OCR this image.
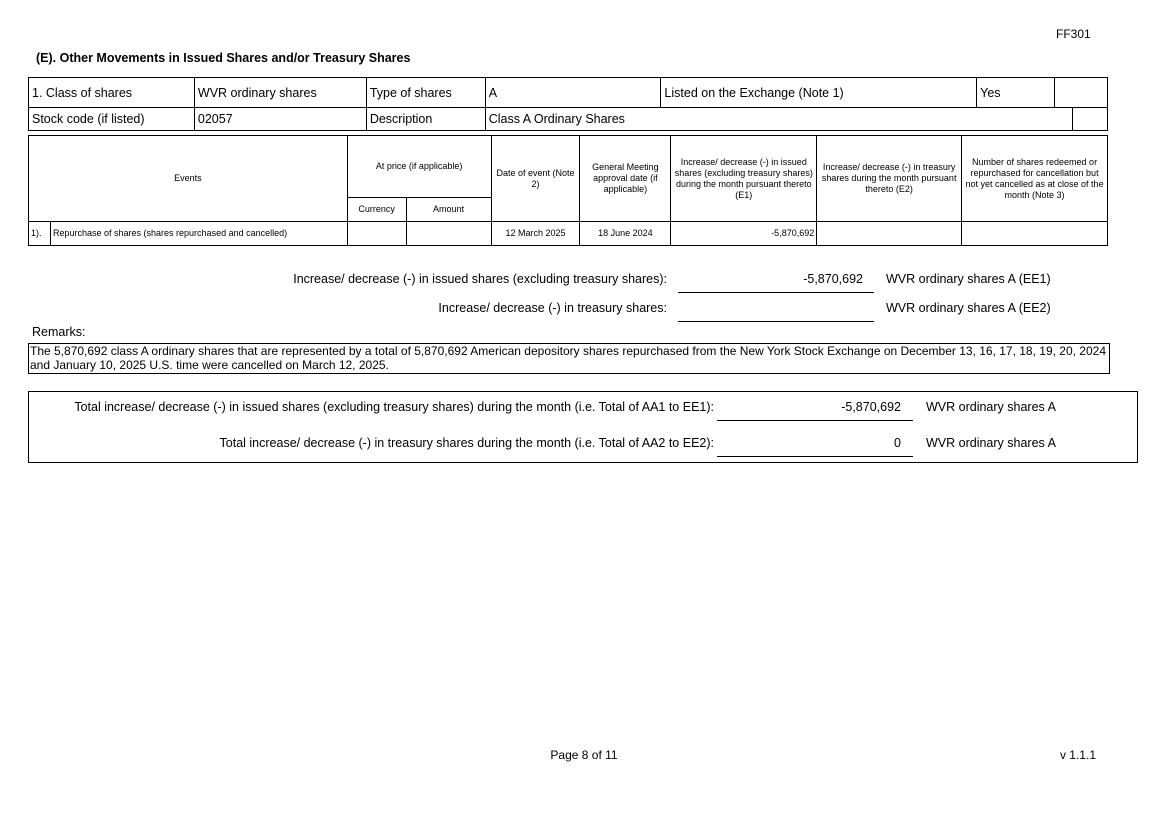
FF301
(E). Other Movements in Issued Shares and/or Treasury Shares
1. Class of shares	WVR ordinary shares	Type of shares	A	Listed on the Exchange (Note 1)	Yes		
Stock code (if listed)	02057	Description	Class A Ordinary Shares				
Events		At price (if applicable)		Date of event (Note 2)	General Meeting approval date (if applicable)	Increase/ decrease (-) in issued shares (excluding treasury shares) during the month pursuant thereto (E1)	Increase/ decrease (-) in treasury shares during the month pursuant thereto (E2)	Number of shares redeemed or repurchased for cancellation but not yet cancelled as at close of the month (Note 3)
		Currency	Amount					
1).	Repurchase of shares (shares repurchased and cancelled)			12 March 2025	18 June 2024	-5,870,692		
Increase/ decrease (-) in issued shares (excluding treasury shares):	-5,870,692 WVR ordinary shares A (EE1)
Increase/ decrease (-) in treasury shares:	WVR ordinary shares A (EE2)
Remarks:
The 5,870,692 class A ordinary shares that are represented by a total of 5,870,692 American depository shares repurchased from the New York Stock Exchange on December 13, 16, 17, 18, 19, 20, 2024 and January 10, 2025 U.S. time were cancelled on March 12, 2025.
Total increase/ decrease (-) in issued shares (excluding treasury shares) during the month (i.e. Total of AA1 to EE1):	-5,870,692 WVR ordinary shares A
Total increase/ decrease (-) in treasury shares during the month (i.e. Total of AA2 to EE2):	0 WVR ordinary shares A
Page 8 of 11	v 1.1.1
